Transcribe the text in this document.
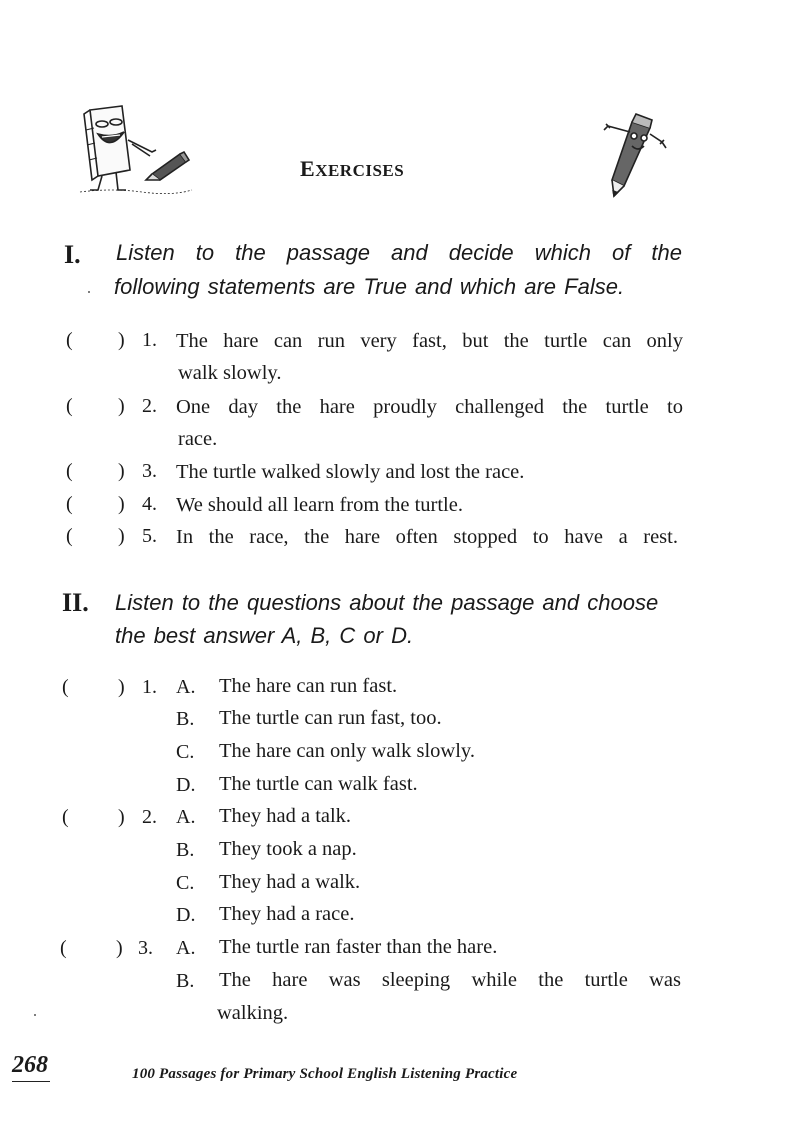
EXERCISES
I. Listen to the passage and decide which of the
following statements are True and which are False.
( ) 1. The hare can run very fast, but the turtle can only
walk slowly.
( ) 2. One day the hare proudly challenged the turtle to
race.
( ) 3. The turtle walked slowly and lost the race.
( ) 4. We should all learn from the turtle.
( ) 5. In the race, the hare often stopped to have a rest.
II. Listen to the questions about the passage and choose
the best answer A, B, C or D.
( ) 1. A. The hare can run fast.
B. The turtle can run fast, too.
C. The hare can only walk slowly.
D. The turtle can walk fast.
( ) 2. A. They had a talk.
B. They took a nap.
C. They had a walk.
D. They had a race.
( ) 3. A. The turtle ran faster than the hare.
B. The hare was sleeping while the turtle was
walking.
268	100 Passages for Primary School English Listening Practice
